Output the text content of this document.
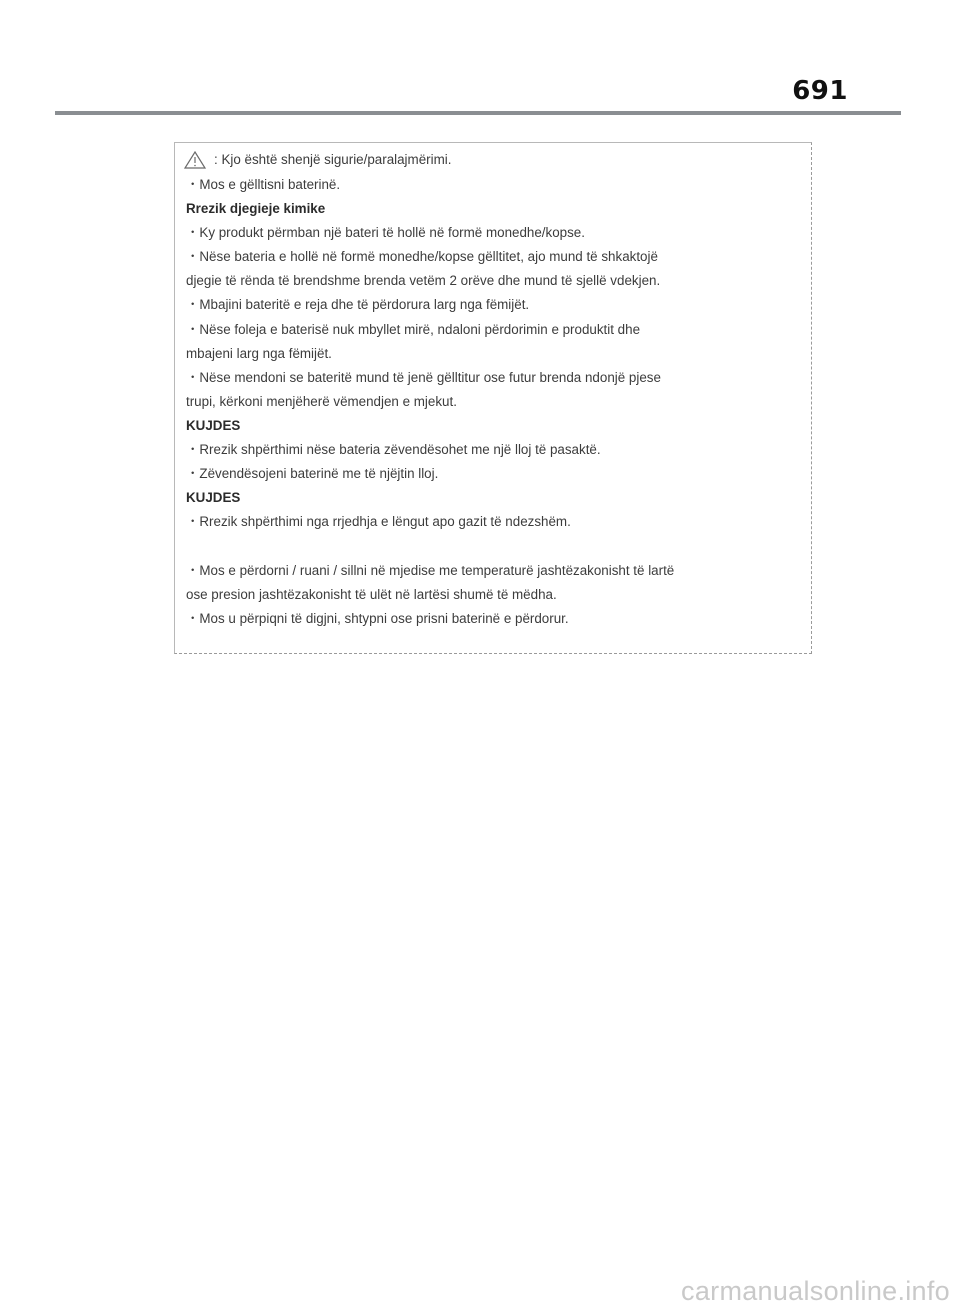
691
: Kjo është shenjë sigurie/paralajmërimi.
・Mos e gëlltisni baterinë.
Rrezik djegieje kimike
・Ky produkt përmban një bateri të hollë në formë monedhe/kopse.
・Nëse bateria e hollë në formë monedhe/kopse gëlltitet, ajo mund të shkaktojë
djegie të rënda të brendshme brenda vetëm 2 orëve dhe mund të sjellë vdekjen.
・Mbajini bateritë e reja dhe të përdorura larg nga fëmijët.
・Nëse foleja e baterisë nuk mbyllet mirë, ndaloni përdorimin e produktit dhe
mbajeni larg nga fëmijët.
・Nëse mendoni se bateritë mund të jenë gëlltitur ose futur brenda ndonjë pjese
trupi, kërkoni menjëherë vëmendjen e mjekut.
KUJDES
・Rrezik shpërthimi nëse bateria zëvendësohet me një lloj të pasaktë.
・Zëvendësojeni baterinë me të njëjtin lloj.
KUJDES
・Rrezik shpërthimi nga rrjedhja e lëngut apo gazit të ndezshëm.
・Mos e përdorni / ruani / sillni në mjedise me temperaturë jashtëzakonisht të lartë
ose presion jashtëzakonisht të ulët në lartësi shumë të mëdha.
・Mos u përpiqni të digjni, shtypni ose prisni baterinë e përdorur.
carmanualsonline.info
